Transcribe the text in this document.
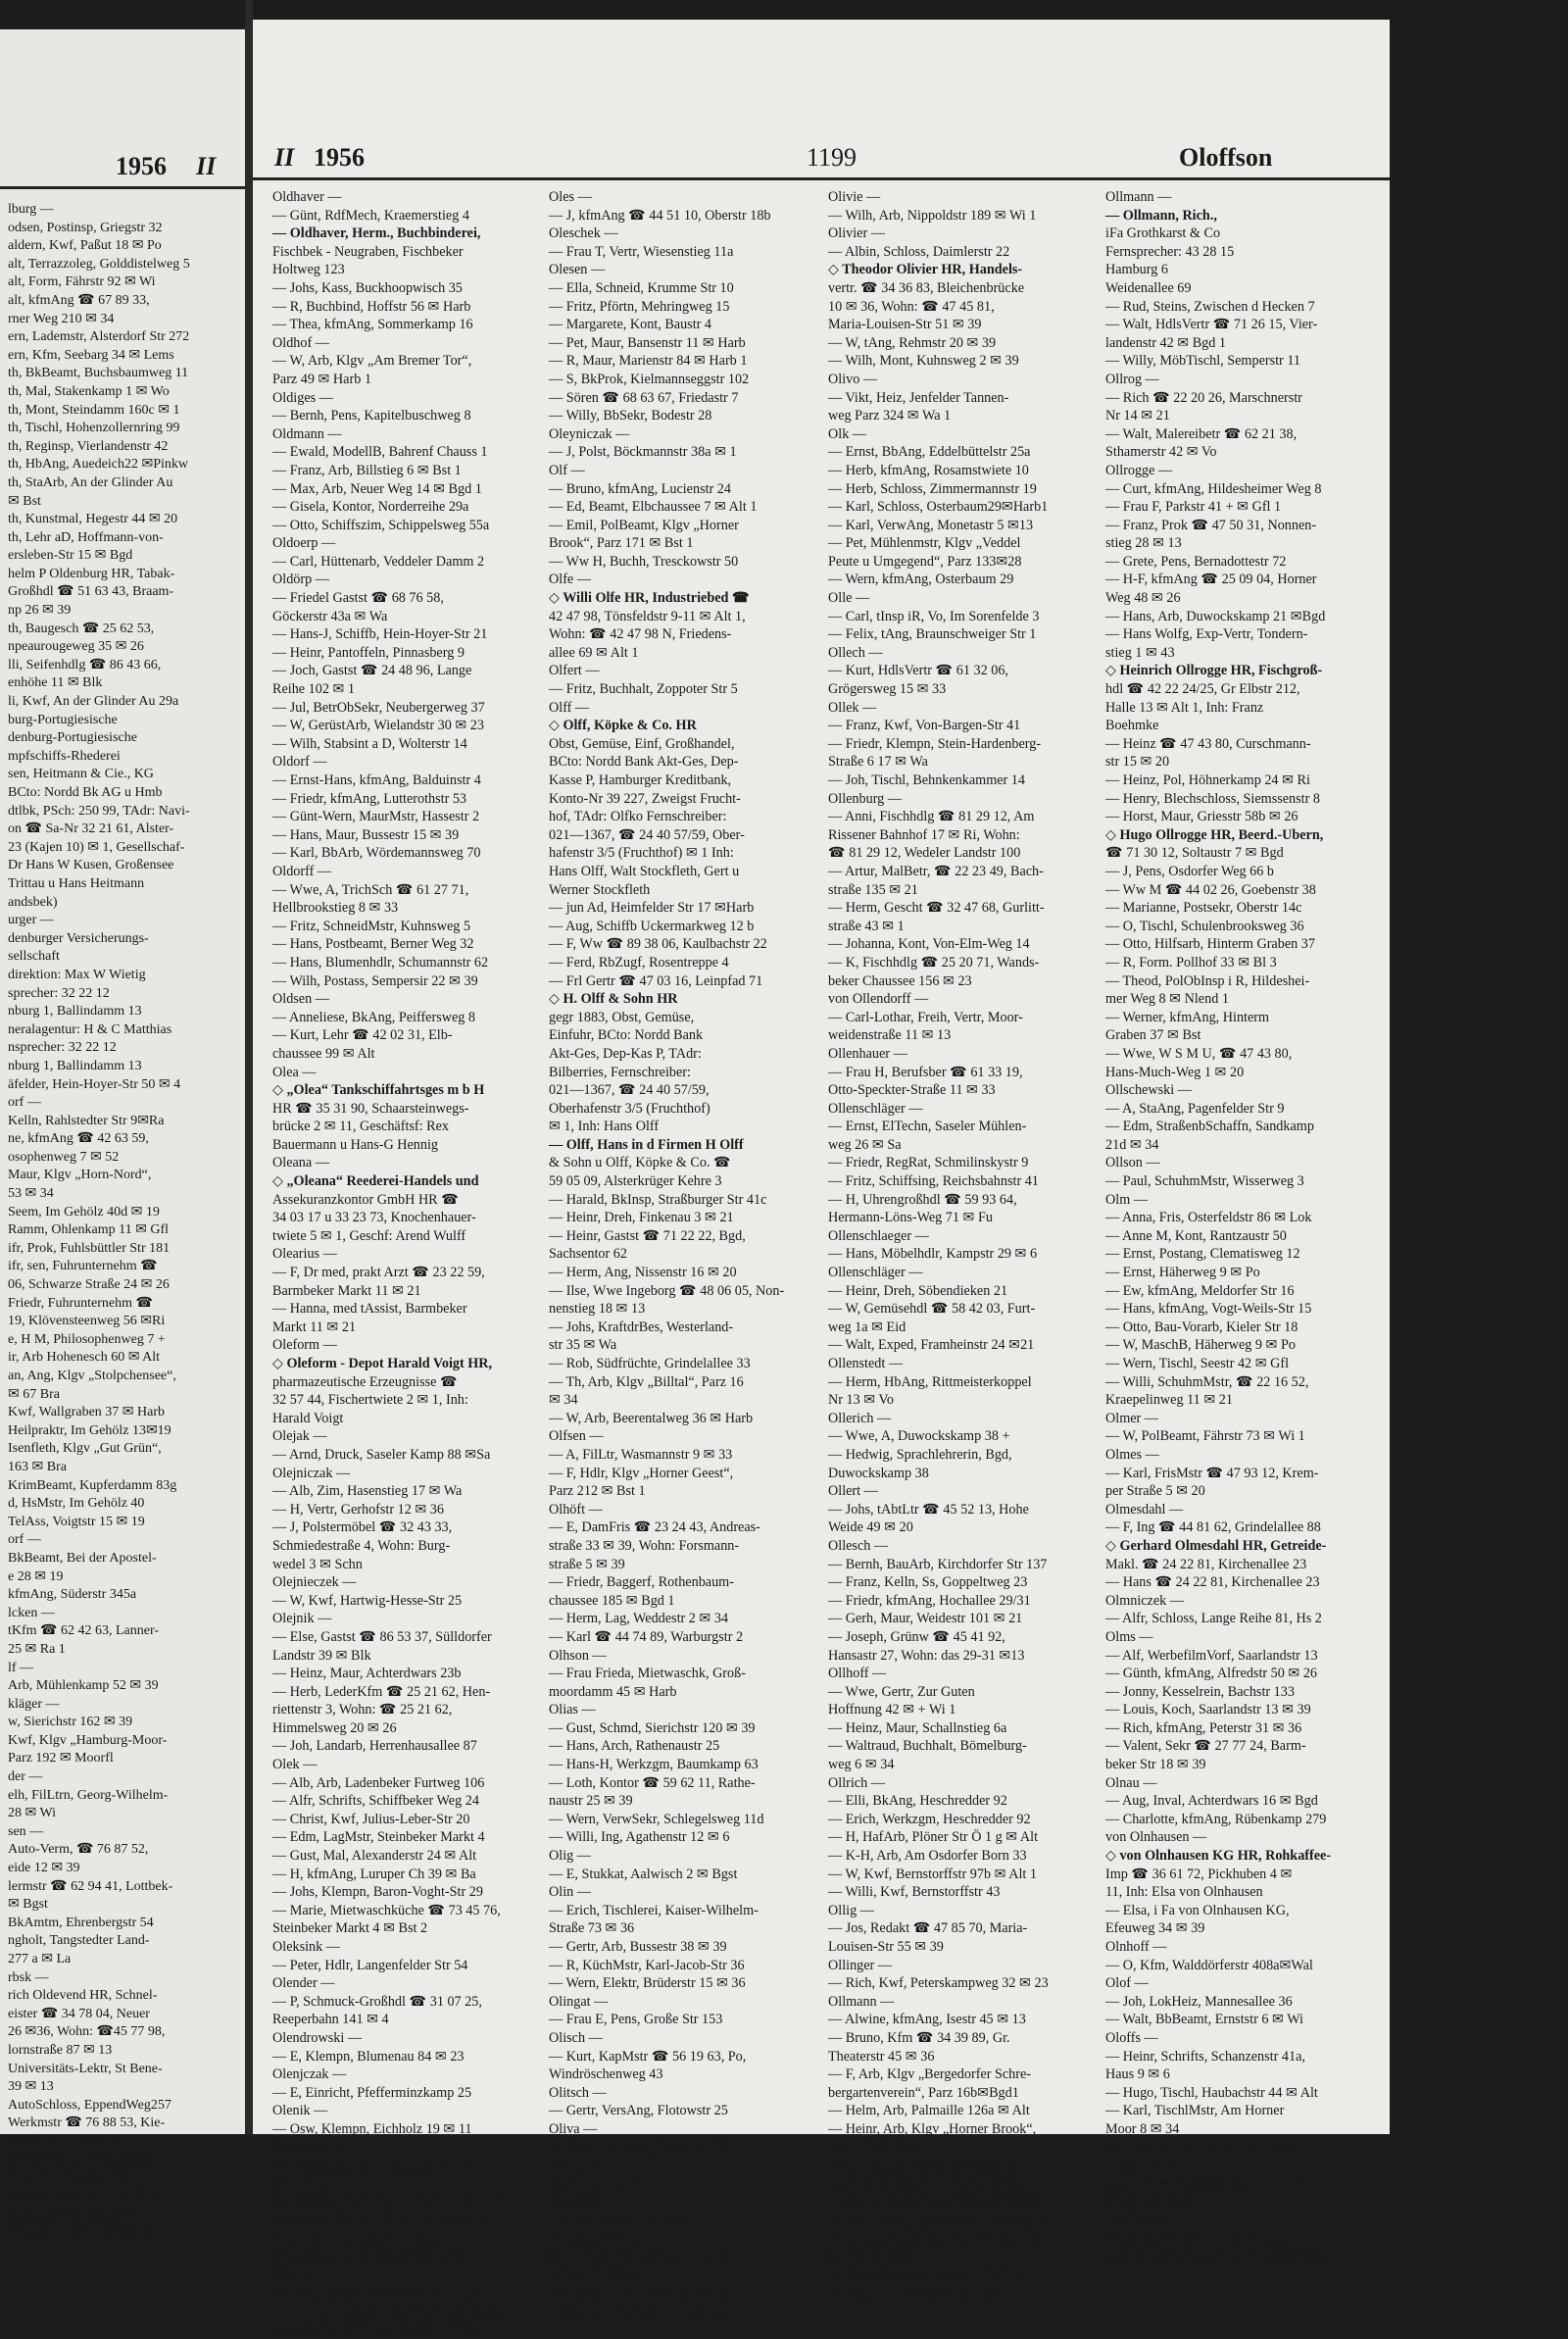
1956 II
lburg —
odsen, Postinsp, Griegstr 32
aldern, Kwf, Paßut 18 ✉ Po
alt, Terrazzoleg, Golddistelweg 5
alt, Form, Fährstr 92 ✉ Wi
alt, kfmAng ☎ 67 89 33,
rner Weg 210 ✉ 34
ern, Lademstr, Alsterdorf Str 272
ern, Kfm, Seebarg 34 ✉ Lems
th, BkBeamt, Buchsbaumweg 11
th, Mal, Stakenkamp 1 ✉ Wo
th, Mont, Steindamm 160c ✉ 1
th, Tischl, Hohenzollernring 99
th, Reginsp, Vierlandenstr 42
th, HbAng, Auedeich22 ✉Pinkw
th, StaArb, An der Glinder Au
✉ Bst
th, Kunstmal, Hegestr 44 ✉ 20
th, Lehr aD, Hoffmann-von-
ersleben-Str 15 ✉ Bgd
helm P Oldenburg HR, Tabak-
Großhdl ☎ 51 63 43, Braam-
np 26 ✉ 39
th, Baugesch ☎ 25 62 53,
npeaurougeweg 35 ✉ 26
lli, Seifenhdlg ☎ 86 43 66,
enhöhe 11 ✉ Blk
li, Kwf, An der Glinder Au 29a
burg-Portugiesische
denburg-Portugiesische
mpfschiffs-Rhederei
sen, Heitmann & Cie., KG
BCto: Nordd Bk AG u Hmb
dtlbk, PSch: 250 99, TAdr: Navi-
on ☎ Sa-Nr 32 21 61, Alster-
23 (Kajen 10) ✉ 1, Gesellschaf-
Dr Hans W Kusen, Großensee
Trittau u Hans Heitmann
andsbek)
urger —
denburger Versicherungs-
sellschaft
direktion: Max W Wietig
sprecher: 32 22 12
nburg 1, Ballindamm 13
neralagentur: H & C Matthias
nsprecher: 32 22 12
nburg 1, Ballindamm 13
äfelder, Hein-Hoyer-Str 50 ✉ 4
orf —
Kelln, Rahlstedter Str 9✉Ra
ne, kfmAng ☎ 42 63 59,
osophenweg 7 ✉ 52
Maur, Klgv „Horn-Nord“,
53 ✉ 34
Seem, Im Gehölz 40d ✉ 19
Ramm, Ohlenkamp 11 ✉ Gfl
ifr, Prok, Fuhlsbüttler Str 181
ifr, sen, Fuhrunternehm ☎
06, Schwarze Straße 24 ✉ 26
Friedr, Fuhrunternehm ☎
19, Klövensteenweg 56 ✉Ri
e, H M, Philosophenweg 7 +
ir, Arb Hohenesch 60 ✉ Alt
an, Ang, Klgv „Stolpchensee“,
✉ 67 Bra
Kwf, Wallgraben 37 ✉ Harb
Heilpraktr, Im Gehölz 13✉19
Isenfleth, Klgv „Gut Grün“,
163 ✉ Bra
KrimBeamt, Kupferdamm 83g
d, HsMstr, Im Gehölz 40
TelAss, Voigtstr 15 ✉ 19
orf —
BkBeamt, Bei der Apostel-
e 28 ✉ 19
kfmAng, Süderstr 345a
lcken —
tKfm ☎ 62 42 63, Lanner-
25 ✉ Ra 1
lf —
Arb, Mühlenkamp 52 ✉ 39
kläger —
w, Sierichstr 162 ✉ 39
Kwf, Klgv „Hamburg-Moor-
Parz 192 ✉ Moorfl
der —
elh, FilLtrn, Georg-Wilhelm-
28 ✉ Wi
sen —
Auto-Verm, ☎ 76 87 52,
eide 12 ✉ 39
lermstr ☎ 62 94 41, Lottbek-
✉ Bgst
BkAmtm, Ehrenbergstr 54
ngholt, Tangstedter Land-
277 a ✉ La
rbsk —
rich Oldevend HR, Schnel-
eister ☎ 34 78 04, Neuer
26 ✉36, Wohn: ☎45 77 98,
lornstraße 87 ✉ 13
Universitäts-Lektr, St Bene-
39 ✉ 13
AutoSchloss, EppendWeg257
Werkmstr ☎ 76 88 53, Kie-
rstraße 5 ✉ Neugr 2
OlbPostinsp, ☎ 59 22 23,
erkchaussee 422 ✉ Fu
Vorarb, Seehofallee 21 ✉ 33
SchlachtMstr, Kahden 17
buf, Hildeboldtweg 23 ✉ Bra
II 1956	1199	Oloffson
Oldhaver —
— Günt, RdfMech, Kraemerstieg 4
— Oldhaver, Herm., Buchbinderei,
Fischbek - Neugraben, Fischbeker
Holtweg 123
— Johs, Kass, Buckhoopwisch 35
— R, Buchbind, Hoffstr 56 ✉ Harb
— Thea, kfmAng, Sommerkamp 16
Oldhof —
— W, Arb, Klgv „Am Bremer Tor“,
Parz 49 ✉ Harb 1
Oldiges —
— Bernh, Pens, Kapitelbuschweg 8
Oldmann —
— Ewald, ModellB, Bahrenf Chauss 1
— Franz, Arb, Billstieg 6 ✉ Bst 1
— Max, Arb, Neuer Weg 14 ✉ Bgd 1
— Gisela, Kontor, Norderreihe 29a
— Otto, Schiffszim, Schippelsweg 55a
Oldoerp —
— Carl, Hüttenarb, Veddeler Damm 2
Oldörp —
— Friedel Gastst ☎ 68 76 58,
Göckerstr 43a ✉ Wa
— Hans-J, Schiffb, Hein-Hoyer-Str 21
— Heinr, Pantoffeln, Pinnasberg 9
— Joch, Gastst ☎ 24 48 96, Lange
Reihe 102 ✉ 1
— Jul, BetrObSekr, Neubergerweg 37
— W, GerüstArb, Wielandstr 30 ✉ 23
— Wilh, Stabsint a D, Wolterstr 14
Oldorf —
— Ernst-Hans, kfmAng, Balduinstr 4
— Friedr, kfmAng, Lutterothstr 53
— Günt-Wern, MaurMstr, Hassestr 2
— Hans, Maur, Bussestr 15 ✉ 39
— Karl, BbArb, Wördemannsweg 70
Oldorff —
— Wwe, A, TrichSch ☎ 61 27 71,
Hellbrookstieg 8 ✉ 33
— Fritz, SchneidMstr, Kuhnsweg 5
— Hans, Postbeamt, Berner Weg 32
— Hans, Blumenhdlr, Schumannstr 62
— Wilh, Postass, Sempersir 22 ✉ 39
Oldsen —
— Anneliese, BkAng, Peiffersweg 8
— Kurt, Lehr ☎ 42 02 31, Elb-
chaussee 99 ✉ Alt
Olea —
◇ „Olea“ Tankschiffahrtsges m b H
HR ☎ 35 31 90, Schaarsteinwegs-
brücke 2 ✉ 11, Geschäftsf: Rex
Bauermann u Hans-G Hennig
Oleana —
◇ „Oleana“ Reederei-Handels und
Assekuranzkontor GmbH HR ☎
34 03 17 u 33 23 73, Knochenhauer-
twiete 5 ✉ 1, Geschf: Arend Wulff
Olearius —
— F, Dr med, prakt Arzt ☎ 23 22 59,
Barmbeker Markt 11 ✉ 21
— Hanna, med tAssist, Barmbeker
Markt 11 ✉ 21
Oleform —
◇ Oleform - Depot Harald Voigt HR,
pharmazeutische Erzeugnisse ☎
32 57 44, Fischertwiete 2 ✉ 1, Inh:
Harald Voigt
Olejak —
— Arnd, Druck, Saseler Kamp 88 ✉Sa
Olejniczak —
— Alb, Zim, Hasenstieg 17 ✉ Wa
— H, Vertr, Gerhofstr 12 ✉ 36
— J, Polstermöbel ☎ 32 43 33,
Schmiedestraße 4, Wohn: Burg-
wedel 3 ✉ Schn
Olejnieczek —
— W, Kwf, Hartwig-Hesse-Str 25
Olejnik —
— Else, Gastst ☎ 86 53 37, Sülldorfer
Landstr 39 ✉ Blk
— Heinz, Maur, Achterdwars 23b
— Herb, LederKfm ☎ 25 21 62, Hen-
riettenstr 3, Wohn: ☎ 25 21 62,
Himmelsweg 20 ✉ 26
— Joh, Landarb, Herrenhausallee 87
Olek —
— Alb, Arb, Ladenbeker Furtweg 106
— Alfr, Schrifts, Schiffbeker Weg 24
— Christ, Kwf, Julius-Leber-Str 20
— Edm, LagMstr, Steinbeker Markt 4
— Gust, Mal, Alexanderstr 24 ✉ Alt
— H, kfmAng, Luruper Ch 39 ✉ Ba
— Johs, Klempn, Baron-Voght-Str 29
— Marie, Mietwaschküche ☎ 73 45 76,
Steinbeker Markt 4 ✉ Bst 2
Oleksink —
— Peter, Hdlr, Langenfelder Str 54
Olender —
— P, Schmuck-Großhdl ☎ 31 07 25,
Reeperbahn 141 ✉ 4
Olendrowski —
— E, Klempn, Blumenau 84 ✉ 23
Olenjczak —
— E, Einricht, Pfefferminzkamp 25
Olenik —
— Osw, Klempn, Eichholz 19 ✉ 11
Olenyzack —
— Stanislaus, Hdlr, Turnerstr 7 ✉ 6
Oleosa —
◇ OLEOSA Drebing & Schierholz HR,
ätherische Öle ☎ 25 46 22 u 25 21 25
Borstelmannsweg 169 ✉ 26, Inh:
Georg Drebing u Käthe Schierholz
Olert —
— Karl, Hsmstr, Marienstr 15 ✉ Harb
— Heinz, Heiz, Julius-Ludowieg-Str 114
— Max, PolBeamt, Berlepschweg 15
Oles —
— J, kfmAng ☎ 44 51 10, Oberstr 18b
Oleschek —
— Frau T, Vertr, Wiesenstieg 11a
Olesen —
— Ella, Schneid, Krumme Str 10
— Fritz, Pförtn, Mehringweg 15
— Margarete, Kont, Baustr 4
— Pet, Maur, Bansenstr 11 ✉ Harb
— R, Maur, Marienstr 84 ✉ Harb 1
— S, BkProk, Kielmannseggstr 102
— Sören ☎ 68 63 67, Friedastr 7
— Willy, BbSekr, Bodestr 28
Oleyniczak —
— J, Polst, Böckmannstr 38a ✉ 1
Olf —
— Bruno, kfmAng, Lucienstr 24
— Ed, Beamt, Elbchaussee 7 ✉ Alt 1
— Emil, PolBeamt, Klgv „Horner
Brook“, Parz 171 ✉ Bst 1
— Ww H, Buchh, Tresckowstr 50
Olfe —
◇ Willi Olfe HR, Industriebed ☎
42 47 98, Tönsfeldstr 9-11 ✉ Alt 1,
Wohn: ☎ 42 47 98 N, Friedens-
allee 69 ✉ Alt 1
Olfert —
— Fritz, Buchhalt, Zoppoter Str 5
Olff —
◇ Olff, Köpke & Co. HR
Obst, Gemüse, Einf, Großhandel,
BCto: Nordd Bank Akt-Ges, Dep-
Kasse P, Hamburger Kreditbank,
Konto-Nr 39 227, Zweigst Frucht-
hof, TAdr: Olfko Fernschreiber:
021—1367, ☎ 24 40 57/59, Ober-
hafenstr 3/5 (Fruchthof) ✉ 1 Inh:
Hans Olff, Walt Stockfleth, Gert u
Werner Stockfleth
— jun Ad, Heimfelder Str 17 ✉Harb
— Aug, Schiffb Uckermarkweg 12 b
— F, Ww ☎ 89 38 06, Kaulbachstr 22
— Ferd, RbZugf, Rosentreppe 4
— Frl Gertr ☎ 47 03 16, Leinpfad 71
◇ H. Olff & Sohn HR
gegr 1883, Obst, Gemüse,
Einfuhr, BCto: Nordd Bank
Akt-Ges, Dep-Kas P, TAdr:
Bilberries, Fernschreiber:
021—1367, ☎ 24 40 57/59,
Oberhafenstr 3/5 (Fruchthof)
✉ 1, Inh: Hans Olff
— Olff, Hans in d Firmen H Olff
& Sohn u Olff, Köpke & Co. ☎
59 05 09, Alsterkrüger Kehre 3
— Harald, BkInsp, Straßburger Str 41c
— Heinr, Dreh, Finkenau 3 ✉ 21
— Heinr, Gastst ☎ 71 22 22, Bgd,
Sachsentor 62
— Herm, Ang, Nissenstr 16 ✉ 20
— Ilse, Wwe Ingeborg ☎ 48 06 05, Non-
nenstieg 18 ✉ 13
— Johs, KraftdrBes, Westerland-
str 35 ✉ Wa
— Rob, Südfrüchte, Grindelallee 33
— Th, Arb, Klgv „Billtal“, Parz 16
✉ 34
— W, Arb, Beerentalweg 36 ✉ Harb
Olfsen —
— A, FilLtr, Wasmannstr 9 ✉ 33
— F, Hdlr, Klgv „Horner Geest“,
Parz 212 ✉ Bst 1
Olhöft —
— E, DamFris ☎ 23 24 43, Andreas-
straße 33 ✉ 39, Wohn: Forsmann-
straße 5 ✉ 39
— Friedr, Baggerf, Rothenbaum-
chaussee 185 ✉ Bgd 1
— Herm, Lag, Weddestr 2 ✉ 34
— Karl ☎ 44 74 89, Warburgstr 2
Olhson —
— Frau Frieda, Mietwaschk, Groß-
moordamm 45 ✉ Harb
Olias —
— Gust, Schmd, Sierichstr 120 ✉ 39
— Hans, Arch, Rathenaustr 25
— Hans-H, Werkzgm, Baumkamp 63
— Loth, Kontor ☎ 59 62 11, Rathe-
naustr 25 ✉ 39
— Wern, VerwSekr, Schlegelsweg 11d
— Willi, Ing, Agathenstr 12 ✉ 6
Olig —
— E, Stukkat, Aalwisch 2 ✉ Bgst
Olin —
— Erich, Tischlerei, Kaiser-Wilhelm-
Straße 73 ✉ 36
— Gertr, Arb, Bussestr 38 ✉ 39
— R, KüchMstr, Karl-Jacob-Str 36
— Wern, Elektr, Brüderstr 15 ✉ 36
Olingat —
— Frau E, Pens, Große Str 153
Olisch —
— Kurt, KapMstr ☎ 56 19 63, Po,
Windröschenweg 43
Olitsch —
— Gertr, VersAng, Flotowstr 25
Oliva —
— Gertr, VersAng, Flotowstr 25
Oliver —
◇ Oliver & Co. HR
Spedition
Fernschreiber: 021-3039
☎ 33 15 47/48,
Raboisen Nr 5 ✉ 1, Inh: R Pahl
u Harry P Oliver
— Harry F, i Fa Oliver & Co. ☎
48 78 83, Maria-Louisen-Stieg 9
Olivie —
— Wilh, Arb, Nippoldstr 189 ✉ Wi 1
Olivier —
— Albin, Schloss, Daimlerstr 22
◇ Theodor Olivier HR, Handels-
vertr. ☎ 34 36 83, Bleichenbrücke
10 ✉ 36, Wohn: ☎ 47 45 81,
Maria-Louisen-Str 51 ✉ 39
— W, tAng, Rehmstr 20 ✉ 39
— Wilh, Mont, Kuhnsweg 2 ✉ 39
Olivo —
— Vikt, Heiz, Jenfelder Tannen-
weg Parz 324 ✉ Wa 1
Olk —
— Ernst, BbAng, Eddelbüttelstr 25a
— Herb, kfmAng, Rosamstwiete 10
— Herb, Schloss, Zimmermannstr 19
— Karl, Schloss, Osterbaum29✉Harb1
— Karl, VerwAng, Monetastr 5 ✉13
— Pet, Mühlenmstr, Klgv „Veddel
Peute u Umgegend“, Parz 133✉28
— Wern, kfmAng, Osterbaum 29
Olle —
— Carl, tInsp iR, Vo, Im Sorenfelde 3
— Felix, tAng, Braunschweiger Str 1
Ollech —
— Kurt, HdlsVertr ☎ 61 32 06,
Grögersweg 15 ✉ 33
Ollek —
— Franz, Kwf, Von-Bargen-Str 41
— Friedr, Klempn, Stein-Hardenberg-
Straße 6 17 ✉ Wa
— Joh, Tischl, Behnkenkammer 14
Ollenburg —
— Anni, Fischhdlg ☎ 81 29 12, Am
Rissener Bahnhof 17 ✉ Ri, Wohn:
☎ 81 29 12, Wedeler Landstr 100
— Artur, MalBetr, ☎ 22 23 49, Bach-
straße 135 ✉ 21
— Herm, Gescht ☎ 32 47 68, Gurlitt-
straße 43 ✉ 1
— Johanna, Kont, Von-Elm-Weg 14
— K, Fischhdlg ☎ 25 20 71, Wands-
beker Chaussee 156 ✉ 23
von Ollendorff —
— Carl-Lothar, Freih, Vertr, Moor-
weidenstraße 11 ✉ 13
Ollenhauer —
— Frau H, Berufsber ☎ 61 33 19,
Otto-Speckter-Straße 11 ✉ 33
Ollenschläger —
— Ernst, ElTechn, Saseler Mühlen-
weg 26 ✉ Sa
— Friedr, RegRat, Schmilinskystr 9
— Fritz, Schiffsing, Reichsbahnstr 41
— H, Uhrengroßhdl ☎ 59 93 64,
Hermann-Löns-Weg 71 ✉ Fu
Ollenschlaeger —
— Hans, Möbelhdlr, Kampstr 29 ✉ 6
Ollenschläger —
— Heinr, Dreh, Söbendieken 21
— W, Gemüsehdl ☎ 58 42 03, Furt-
weg 1a ✉ Eid
— Walt, Exped, Framheinstr 24 ✉21
Ollenstedt —
— Herm, HbAng, Rittmeisterkoppel
Nr 13 ✉ Vo
Ollerich —
— Wwe, A, Duwockskamp 38 +
— Hedwig, Sprachlehrerin, Bgd,
Duwockskamp 38
Ollert —
— Johs, tAbtLtr ☎ 45 52 13, Hohe
Weide 49 ✉ 20
Ollesch —
— Bernh, BauArb, Kirchdorfer Str 137
— Franz, Kelln, Ss, Goppeltweg 23
— Friedr, kfmAng, Hochallee 29/31
— Gerh, Maur, Weidestr 101 ✉ 21
— Joseph, Grünw ☎ 45 41 92,
Hansastr 27, Wohn: das 29-31 ✉13
Ollhoff —
— Wwe, Gertr, Zur Guten
Hoffnung 42 ✉ + Wi 1
— Heinz, Maur, Schallnstieg 6a
— Waltraud, Buchhalt, Bömelburg-
weg 6 ✉ 34
Ollrich —
— Elli, BkAng, Heschredder 92
— Erich, Werkzgm, Heschredder 92
— H, HafArb, Plöner Str Ö 1 g ✉ Alt
— K-H, Arb, Am Osdorfer Born 33
— W, Kwf, Bernstorffstr 97b ✉ Alt 1
— Willi, Kwf, Bernstorffstr 43
Ollig —
— Jos, Redakt ☎ 47 85 70, Maria-
Louisen-Str 55 ✉ 39
Ollinger —
— Rich, Kwf, Peterskampweg 32 ✉ 23
Ollmann —
— Alwine, kfmAng, Isestr 45 ✉ 13
— Bruno, Kfm ☎ 34 39 89, Gr.
Theaterstr 45 ✉ 36
— F, Arb, Klgv „Bergedorfer Schre-
bergartenverein“, Parz 16b✉Bgd1
— Helm, Arb, Palmaille 126a ✉ Alt
— Heinr, Arb, Klgv „Horner Brook“,
Parz 125 ✉ Bst 1
— J, Kunstgewerbe, Hebbelstr 12
— Jürg, Tischl, Alsterdorfer Str 21
— Käthe, TechnLtrn, Bahrenf Str 127
— Karl-Heinz, Quartiersm, Querweg 7
— Karl, Arb, Klgv „Hamm und Horn“,
Parz 584 ✉ 34
— Paul, Schmelz, Unnastr 12 ✉ 20
— Paul, Arb, Unnastr 12 ✉ 20
Ollmann —
— Ollmann, Rich.,
iFa Grothkarst & Co
Fernsprecher: 43 28 15
Hamburg 6
Weidenallee 69
— Rud, Steins, Zwischen d Hecken 7
— Walt, HdlsVertr ☎ 71 26 15, Vier-
landenstr 42 ✉ Bgd 1
— Willy, MöbTischl, Semperstr 11
Ollrog —
— Rich ☎ 22 20 26, Marschnerstr
Nr 14 ✉ 21
— Walt, Malereibetr ☎ 62 21 38,
Sthamerstr 42 ✉ Vo
Ollrogge —
— Curt, kfmAng, Hildesheimer Weg 8
— Frau F, Parkstr 41 + ✉ Gfl 1
— Franz, Prok ☎ 47 50 31, Nonnen-
stieg 28 ✉ 13
— Grete, Pens, Bernadottestr 72
— H-F, kfmAng ☎ 25 09 04, Horner
Weg 48 ✉ 26
— Hans, Arb, Duwockskamp 21 ✉Bgd
— Hans Wolfg, Exp-Vertr, Tondern-
stieg 1 ✉ 43
◇ Heinrich Ollrogge HR, Fischgroß-
hdl ☎ 42 22 24/25, Gr Elbstr 212,
Halle 13 ✉ Alt 1, Inh: Franz
Boehmke
— Heinz ☎ 47 43 80, Curschmann-
str 15 ✉ 20
— Heinz, Pol, Höhnerkamp 24 ✉ Ri
— Henry, Blechschloss, Siemssenstr 8
— Horst, Maur, Griesstr 58b ✉ 26
◇ Hugo Ollrogge HR, Beerd.-Ubern,
☎ 71 30 12, Soltaustr 7 ✉ Bgd
— J, Pens, Osdorfer Weg 66 b
— Ww M ☎ 44 02 26, Goebenstr 38
— Marianne, Postsekr, Oberstr 14c
— O, Tischl, Schulenbrooksweg 36
— Otto, Hilfsarb, Hinterm Graben 37
— R, Form. Pollhof 33 ✉ Bl 3
— Theod, PolObInsp i R, Hildeshei-
mer Weg 8 ✉ Nlend 1
— Werner, kfmAng, Hinterm
Graben 37 ✉ Bst
— Wwe, W S M U, ☎ 47 43 80,
Hans-Much-Weg 1 ✉ 20
Ollschewski —
— A, StaAng, Pagenfelder Str 9
— Edm, StraßenbSchaffn, Sandkamp
21d ✉ 34
Ollson —
— Paul, SchuhmMstr, Wisserweg 3
Olm —
— Anna, Fris, Osterfeldstr 86 ✉ Lok
— Anne M, Kont, Rantzaustr 50
— Ernst, Postang, Clematisweg 12
— Ernst, Häherweg 9 ✉ Po
— Ew, kfmAng, Meldorfer Str 16
— Hans, kfmAng, Vogt-Weils-Str 15
— Otto, Bau-Vorarb, Kieler Str 18
— W, MaschB, Häherweg 9 ✉ Po
— Wern, Tischl, Seestr 42 ✉ Gfl
— Willi, SchuhmMstr, ☎ 22 16 52,
Kraepelinweg 11 ✉ 21
Olmer —
— W, PolBeamt, Fährstr 73 ✉ Wi 1
Olmes —
— Karl, FrisMstr ☎ 47 93 12, Krem-
per Straße 5 ✉ 20
Olmesdahl —
— F, Ing ☎ 44 81 62, Grindelallee 88
◇ Gerhard Olmesdahl HR, Getreide-
Makl. ☎ 24 22 81, Kirchenallee 23
— Hans ☎ 24 22 81, Kirchenallee 23
Olmniczek —
— Alfr, Schloss, Lange Reihe 81, Hs 2
Olms —
— Alf, WerbefilmVorf, Saarlandstr 13
— Günth, kfmAng, Alfredstr 50 ✉ 26
— Jonny, Kesselrein, Bachstr 133
— Louis, Koch, Saarlandstr 13 ✉ 39
— Rich, kfmAng, Peterstr 31 ✉ 36
— Valent, Sekr ☎ 27 77 24, Barm-
beker Str 18 ✉ 39
Olnau —
— Aug, Inval, Achterdwars 16 ✉ Bgd
— Charlotte, kfmAng, Rübenkamp 279
von Olnhausen —
◇ von Olnhausen KG HR, Rohkaffee-
Imp ☎ 36 61 72, Pickhuben 4 ✉
11, Inh: Elsa von Olnhausen
— Elsa, i Fa von Olnhausen KG,
Efeuweg 34 ✉ 39
Olnhoff —
— O, Kfm, Walddörferstr 408a✉Wal
Olof —
— Joh, LokHeiz, Mannesallee 36
— Walt, BbBeamt, Ernststr 6 ✉ Wi
Oloffs —
— Heinr, Schrifts, Schanzenstr 41a,
Haus 9 ✉ 6
— Hugo, Tischl, Haubachstr 44 ✉ Alt
— Karl, TischlMstr, Am Horner
Moor 8 ✉ 34
— jun Karl, HdlsVertr, Am Horner
Moor 8 ✉ 34
— Meta ☎ 48 35 57, Eppendorfer
Baum 10 ✉ 20
Oloffson —
— Else, Kolorist, Rambatzweg 4
— Heinr, HafArb, Lerchenstr 37 ✉ Alt
